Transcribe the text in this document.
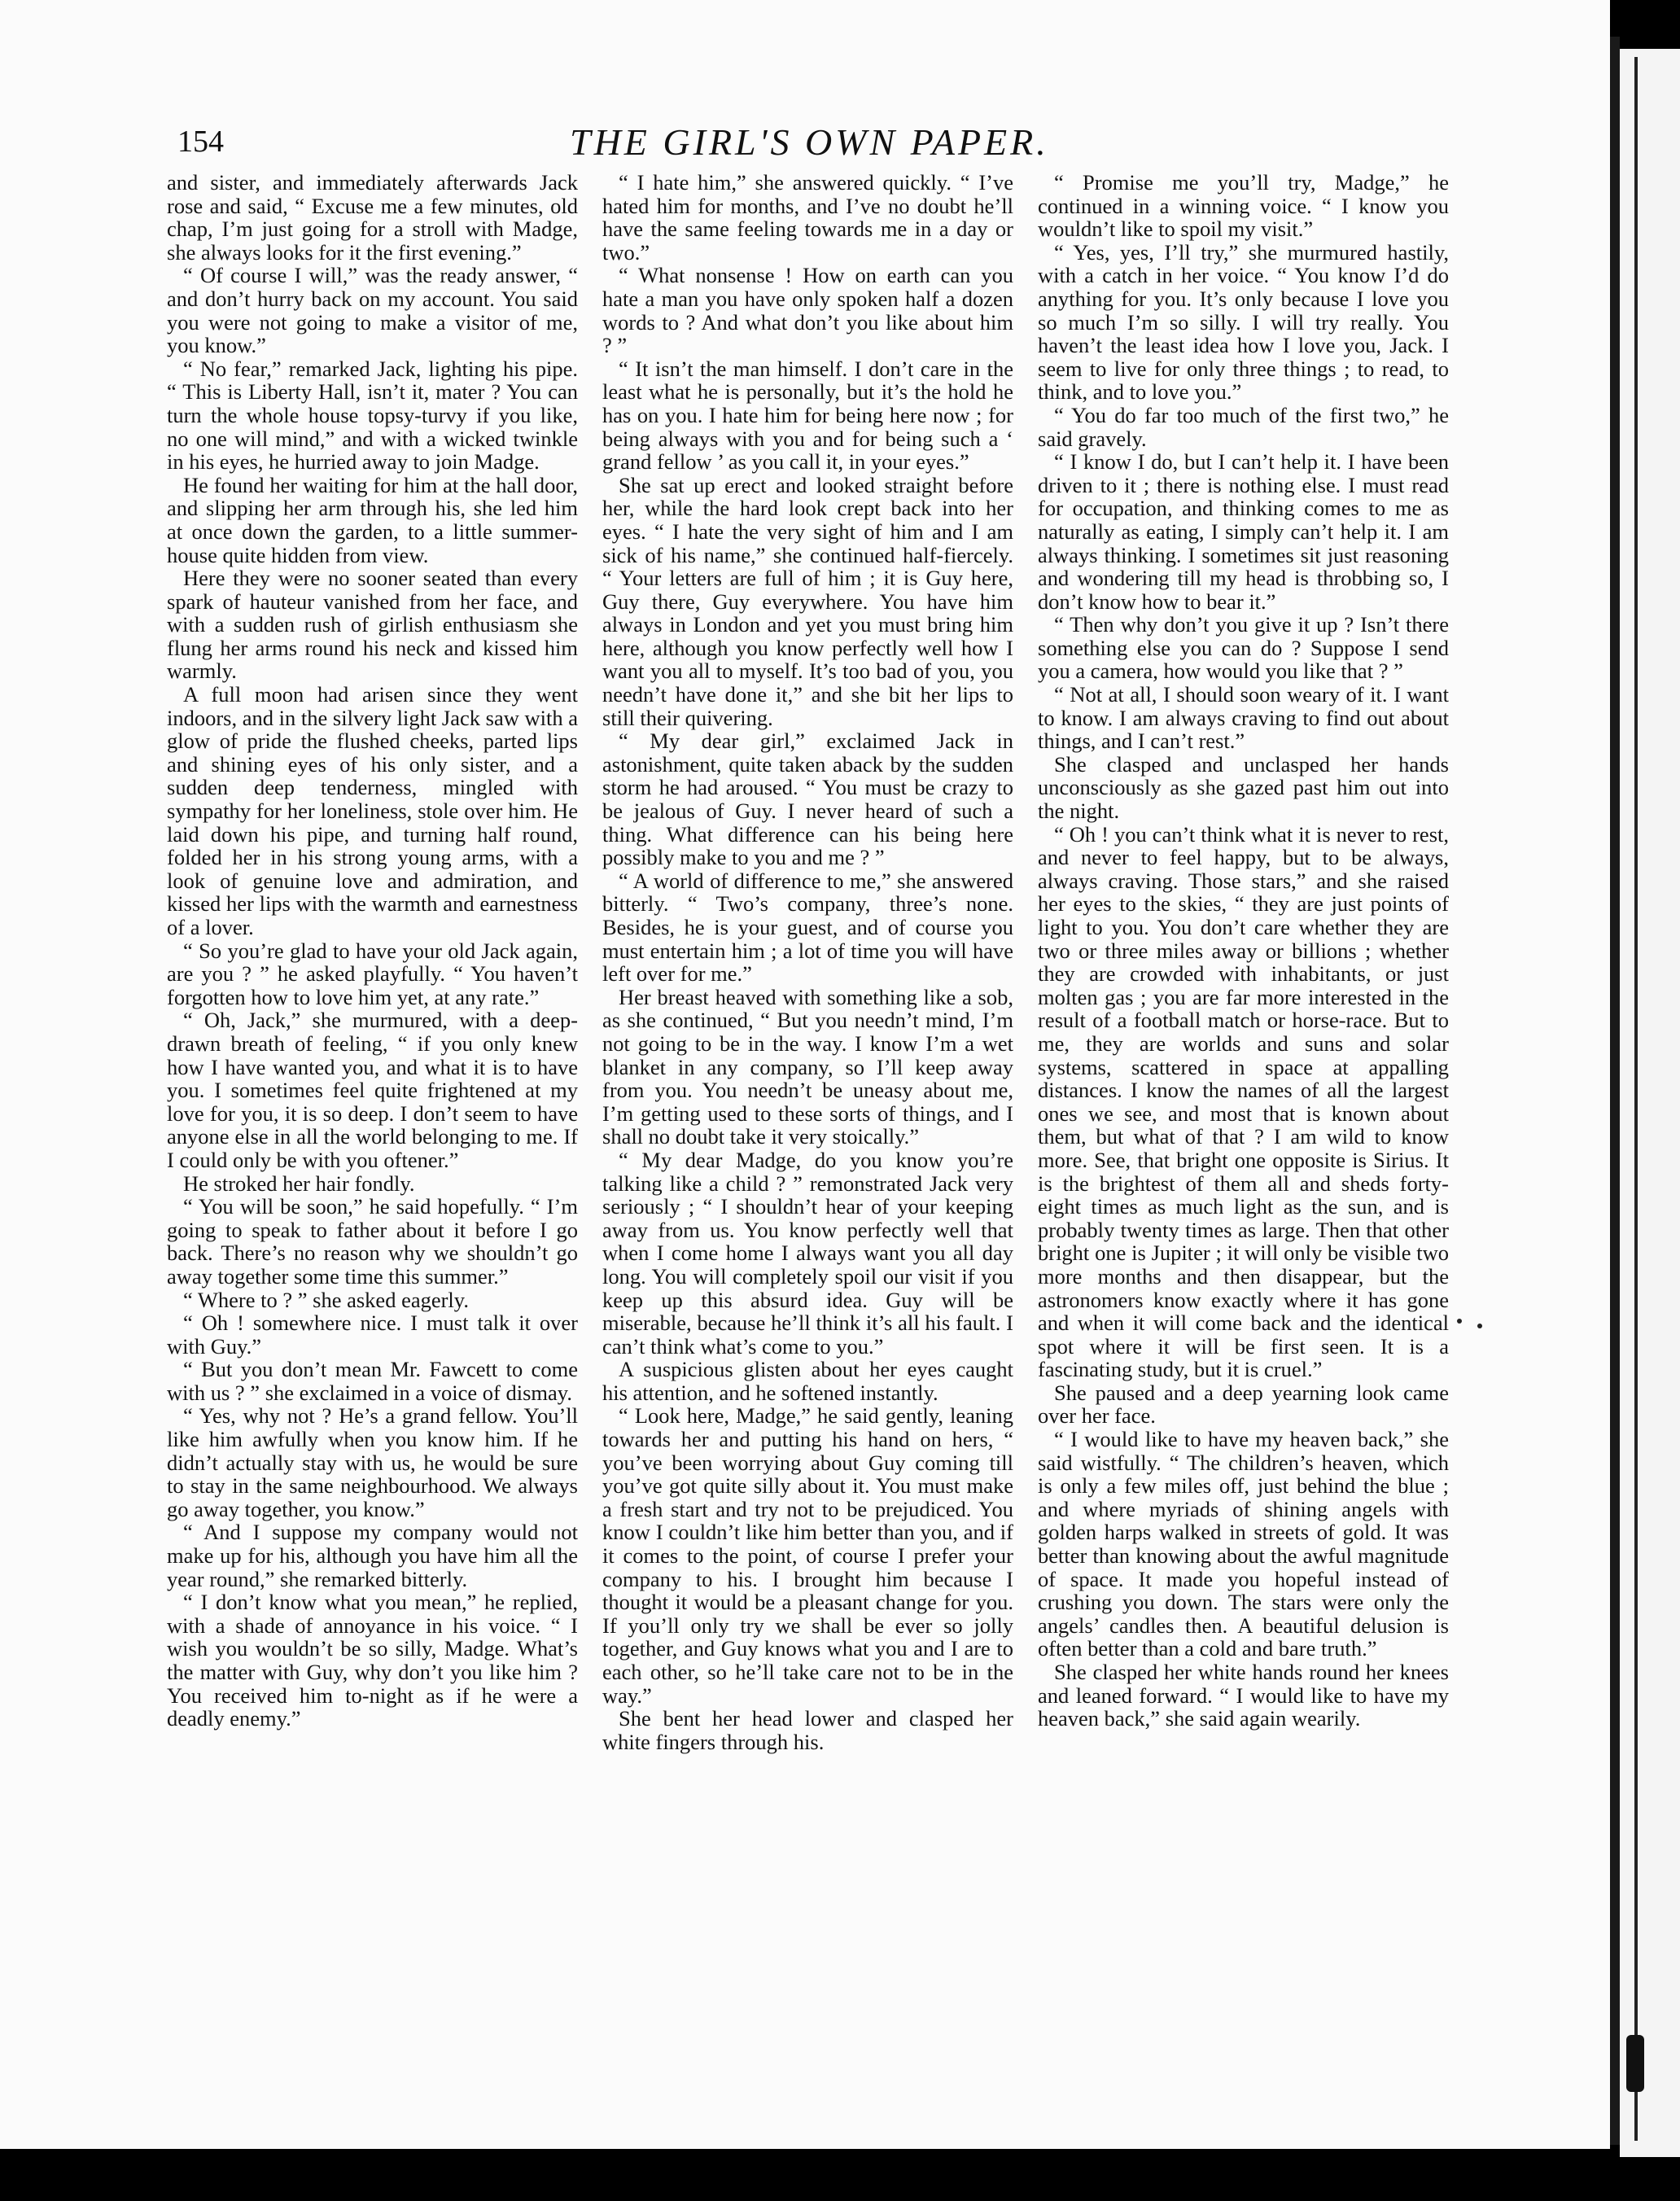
154	THE GIRL'S OWN PAPER.

and sister, and immediately afterwards Jack rose and said, “ Excuse me a few minutes, old chap, I’m just going for a stroll with Madge, she always looks for it the first evening.”

“ Of course I will,” was the ready answer, “ and don’t hurry back on my account. You said you were not going to make a visitor of me, you know.”

“ No fear,” remarked Jack, lighting his pipe. “ This is Liberty Hall, isn’t it, mater ? You can turn the whole house topsy-turvy if you like, no one will mind,” and with a wicked twinkle in his eyes, he hurried away to join Madge.

He found her waiting for him at the hall door, and slipping her arm through his, she led him at once down the garden, to a little summer-house quite hidden from view.

Here they were no sooner seated than every spark of hauteur vanished from her face, and with a sudden rush of girlish enthusiasm she flung her arms round his neck and kissed him warmly.

A full moon had arisen since they went indoors, and in the silvery light Jack saw with a glow of pride the flushed cheeks, parted lips and shining eyes of his only sister, and a sudden deep tenderness, mingled with sympathy for her loneliness, stole over him. He laid down his pipe, and turning half round, folded her in his strong young arms, with a look of genuine love and admiration, and kissed her lips with the warmth and earnestness of a lover.

“ So you’re glad to have your old Jack again, are you ? ” he asked playfully. “ You haven’t forgotten how to love him yet, at any rate.”

“ Oh, Jack,” she murmured, with a deep-drawn breath of feeling, “ if you only knew how I have wanted you, and what it is to have you. I sometimes feel quite frightened at my love for you, it is so deep. I don’t seem to have anyone else in all the world belonging to me. If I could only be with you oftener.”

He stroked her hair fondly.

“ You will be soon,” he said hopefully. “ I’m going to speak to father about it before I go back. There’s no reason why we shouldn’t go away together some time this summer.”

“ Where to ? ” she asked eagerly.

“ Oh ! somewhere nice. I must talk it over with Guy.”

“ But you don’t mean Mr. Fawcett to come with us ? ” she exclaimed in a voice of dismay.

“ Yes, why not ? He’s a grand fellow. You’ll like him awfully when you know him. If he didn’t actually stay with us, he would be sure to stay in the same neighbourhood. We always go away together, you know.”

“ And I suppose my company would not make up for his, although you have him all the year round,” she remarked bitterly.

“ I don’t know what you mean,” he replied, with a shade of annoyance in his voice. “ I wish you wouldn’t be so silly, Madge. What’s the matter with Guy, why don’t you like him ? You received him to-night as if he were a deadly enemy.”

“ I hate him,” she answered quickly. “ I’ve hated him for months, and I’ve no doubt he’ll have the same feeling towards me in a day or two.”

“ What nonsense ! How on earth can you hate a man you have only spoken half a dozen words to ? And what don’t you like about him ? ”

“ It isn’t the man himself. I don’t care in the least what he is personally, but it’s the hold he has on you. I hate him for being here now ; for being always with you and for being such a ‘ grand fellow ’ as you call it, in your eyes.”

She sat up erect and looked straight before her, while the hard look crept back into her eyes. “ I hate the very sight of him and I am sick of his name,” she continued half-fiercely. “ Your letters are full of him ; it is Guy here, Guy there, Guy everywhere. You have him always in London and yet you must bring him here, although you know perfectly well how I want you all to myself. It’s too bad of you, you needn’t have done it,” and she bit her lips to still their quivering.

“ My dear girl,” exclaimed Jack in astonishment, quite taken aback by the sudden storm he had aroused. “ You must be crazy to be jealous of Guy. I never heard of such a thing. What difference can his being here possibly make to you and me ? ”

“ A world of difference to me,” she answered bitterly. “ Two’s company, three’s none. Besides, he is your guest, and of course you must entertain him ; a lot of time you will have left over for me.”

Her breast heaved with something like a sob, as she continued, “ But you needn’t mind, I’m not going to be in the way. I know I’m a wet blanket in any company, so I’ll keep away from you. You needn’t be uneasy about me, I’m getting used to these sorts of things, and I shall no doubt take it very stoically.”

“ My dear Madge, do you know you’re talking like a child ? ” remonstrated Jack very seriously ; “ I shouldn’t hear of your keeping away from us. You know perfectly well that when I come home I always want you all day long. You will completely spoil our visit if you keep up this absurd idea. Guy will be miserable, because he’ll think it’s all his fault. I can’t think what’s come to you.”

A suspicious glisten about her eyes caught his attention, and he softened instantly.

“ Look here, Madge,” he said gently, leaning towards her and putting his hand on hers, “ you’ve been worrying about Guy coming till you’ve got quite silly about it. You must make a fresh start and try not to be prejudiced. You know I couldn’t like him better than you, and if it comes to the point, of course I prefer your company to his. I brought him because I thought it would be a pleasant change for you. If you’ll only try we shall be ever so jolly together, and Guy knows what you and I are to each other, so he’ll take care not to be in the way.”

She bent her head lower and clasped her white fingers through his.

“ Promise me you’ll try, Madge,” he continued in a winning voice. “ I know you wouldn’t like to spoil my visit.”

“ Yes, yes, I’ll try,” she murmured hastily, with a catch in her voice. “ You know I’d do anything for you. It’s only because I love you so much I’m so silly. I will try really. You haven’t the least idea how I love you, Jack. I seem to live for only three things ; to read, to think, and to love you.”

“ You do far too much of the first two,” he said gravely.

“ I know I do, but I can’t help it. I have been driven to it ; there is nothing else. I must read for occupation, and thinking comes to me as naturally as eating, I simply can’t help it. I am always thinking. I sometimes sit just reasoning and wondering till my head is throbbing so, I don’t know how to bear it.”

“ Then why don’t you give it up ? Isn’t there something else you can do ? Suppose I send you a camera, how would you like that ? ”

“ Not at all, I should soon weary of it. I want to know. I am always craving to find out about things, and I can’t rest.”

She clasped and unclasped her hands unconsciously as she gazed past him out into the night.

“ Oh ! you can’t think what it is never to rest, and never to feel happy, but to be always, always craving. Those stars,” and she raised her eyes to the skies, “ they are just points of light to you. You don’t care whether they are two or three miles away or billions ; whether they are crowded with inhabitants, or just molten gas ; you are far more interested in the result of a football match or horse-race. But to me, they are worlds and suns and solar systems, scattered in space at appalling distances. I know the names of all the largest ones we see, and most that is known about them, but what of that ? I am wild to know more. See, that bright one opposite is Sirius. It is the brightest of them all and sheds forty-eight times as much light as the sun, and is probably twenty times as large. Then that other bright one is Jupiter ; it will only be visible two more months and then disappear, but the astronomers know exactly where it has gone and when it will come back and the identical spot where it will be first seen. It is a fascinating study, but it is cruel.”

She paused and a deep yearning look came over her face.

“ I would like to have my heaven back,” she said wistfully. “ The children’s heaven, which is only a few miles off, just behind the blue ; and where myriads of shining angels with golden harps walked in streets of gold. It was better than knowing about the awful magnitude of space. It made you hopeful instead of crushing you down. The stars were only the angels’ candles then. A beautiful delusion is often better than a cold and bare truth.”

She clasped her white hands round her knees and leaned forward. “ I would like to have my heaven back,” she said again wearily.
